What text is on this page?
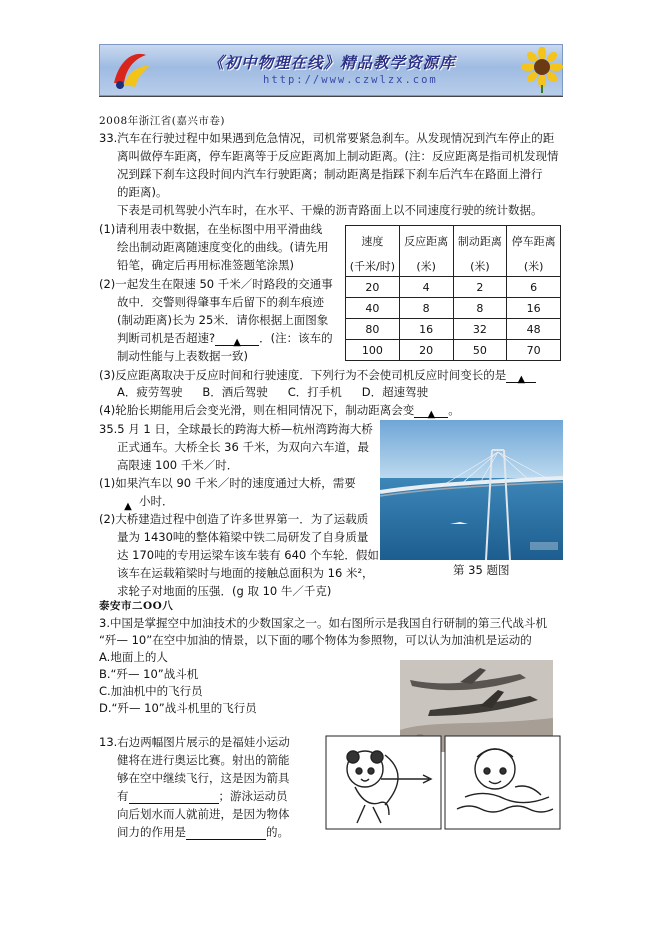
《初中物理在线》精品教学资源库
http://www.czwlzx.com
2008年浙江省(嘉兴市卷)
33.汽车在行驶过程中如果遇到危急情况，司机常要紧急刹车。从发现情况到汽车停止的距
离叫做停车距离，停车距离等于反应距离加上制动距离。(注：反应距离是指司机发现情
况到踩下刹车这段时间内汽车行驶距离；制动距离是指踩下刹车后汽车在路面上滑行
的距离)。
下表是司机驾驶小汽车时，在水平、干燥的沥青路面上以不同速度行驶的统计数据。
(1)请利用表中数据，在坐标图中用平滑曲线
绘出制动距离随速度变化的曲线。(请先用
铅笔，确定后再用标准签题笔涂黑)
(2)一起发生在限速 50 千米／时路段的交通事
故中．交警则得肇事车后留下的刹车痕迹
(制动距离)长为 25米．请你根据上面图象
判断司机是否超速? ▲ ．(注：该车的
制动性能与上表数据一致)
速度	反应距离	制动距离	停车距离
(千米/时)	(米)	(米)	(米)
20	4	2	6
40	8	8	16
80	16	32	48
100	20	50	70
(3)反应距离取决于反应时间和行驶速度．下列行为不会使司机反应时间变长的是 ▲
A．疲劳驾驶 B．酒后驾驶 C．打手机 D．超速驾驶
(4)轮胎长期能用后会变光滑，则在相同情况下，制动距离会变 ▲ 。
35.5 月 1 日，全球最长的跨海大桥—杭州湾跨海大桥
正式通车。大桥全长 36 千米，为双向六车道，最
高限速 100 千米／时．
(1)如果汽车以 90 千米／时的速度通过大桥，需要
▲ 小时．
(2)大桥建造过程中创造了许多世界第一．为了运载质
量为 1430吨的整体箱梁中铁二局研发了自身质量
达 170吨的专用运梁车该车装有 640 个车轮．假如
该车在运载箱梁时与地面的接触总面积为 16 米²，
求轮子对地面的压强．(g 取 10 牛／千克)
第 35 题图
泰安市二OO八
3.中国是掌握空中加油技术的少数国家之一。如右图所示是我国自行研制的第三代战斗机
“歼— 10”在空中加油的情景，以下面的哪个物体为参照物，可以认为加油机是运动的
A.地面上的人
B.“歼— 10”战斗机
C.加油机中的飞行员
D.“歼— 10”战斗机里的飞行员
13.右边两幅图片展示的是福娃小运动
健将在进行奥运比赛。射出的箭能
够在空中继续飞行，这是因为箭具
有	；游泳运动员
向后划水而人就前进，是因为物体
间力的作用是	的。
